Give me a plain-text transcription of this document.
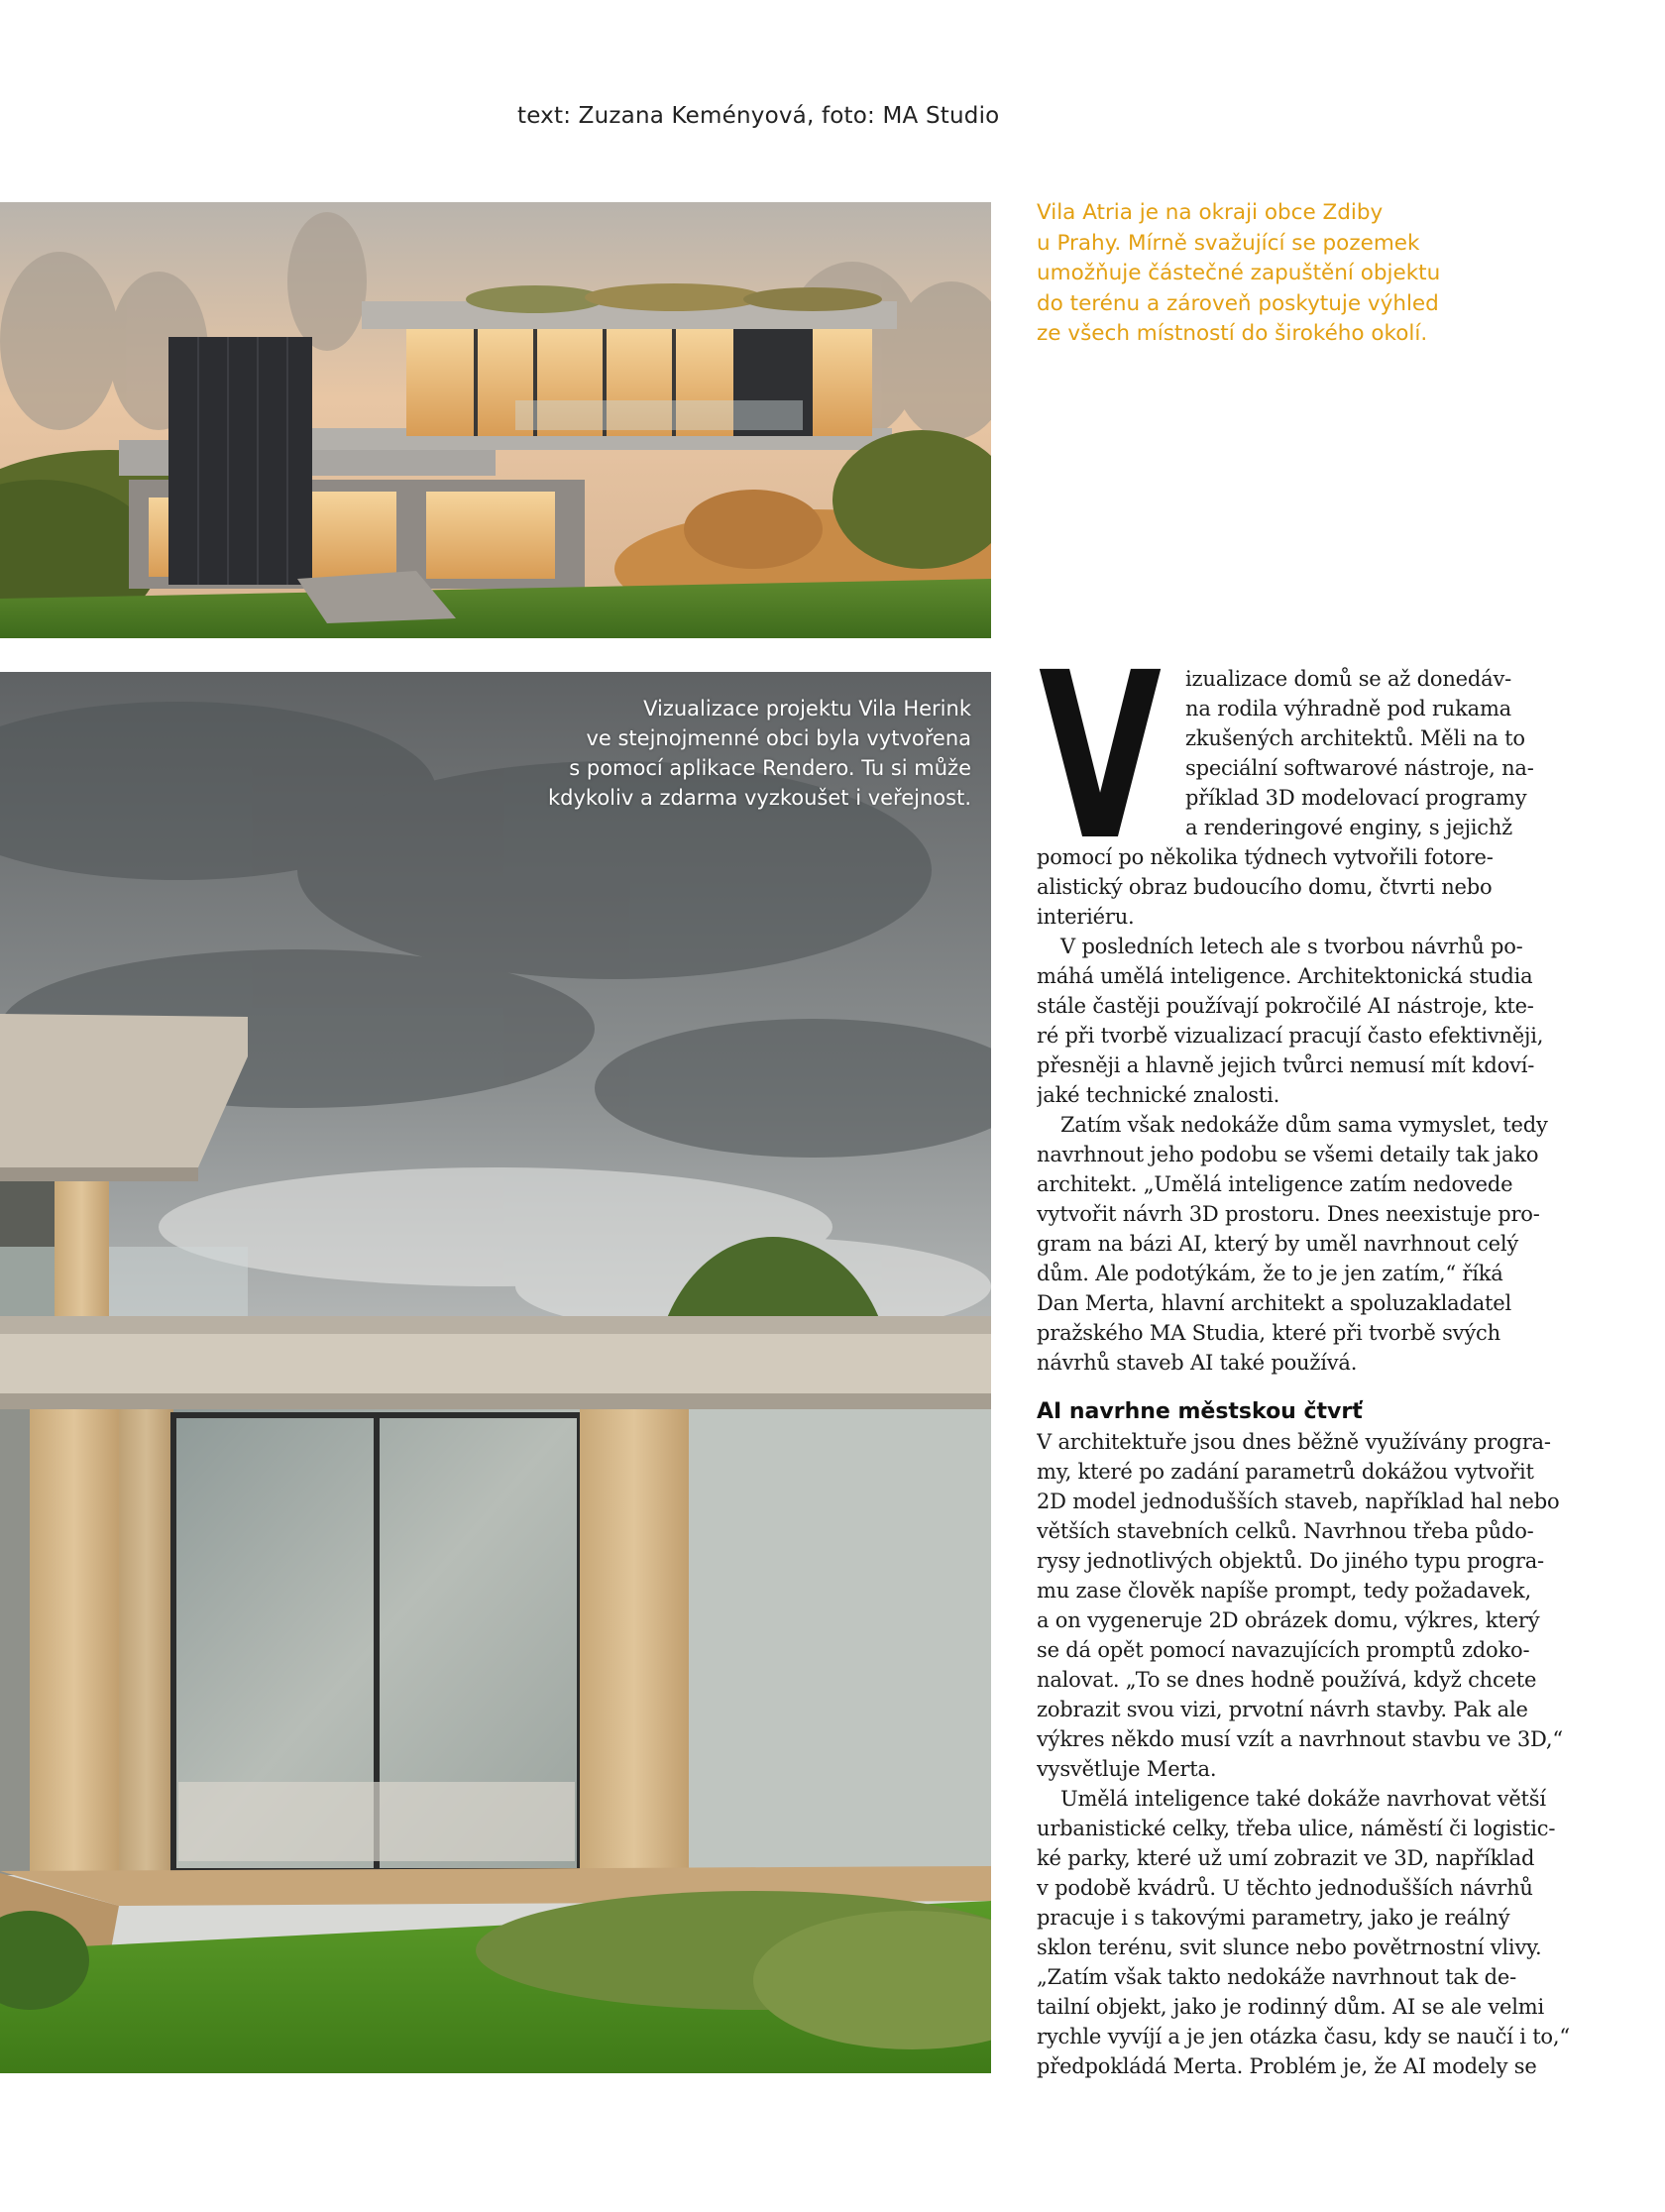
text: Zuzana Keményová, foto: MA Studio
Vila Atria je na okraji obce Zdiby
u Prahy. Mírně svažující se pozemek
umožňuje částečné zapuštění objektu
do terénu a zároveň poskytuje výhled
ze všech místností do širokého okolí.
Vizualizace projektu Vila Herink
ve stejnojmenné obci byla vytvořena
s pomocí aplikace Rendero. Tu si může
kdykoliv a zdarma vyzkoušet i veřejnost. V	izualizace domů se až donedáv-
na rodila výhradně pod rukama
zkušených architektů. Měli na to
speciální softwarové nástroje, na-
příklad 3D modelovací programy
a renderingové enginy, s jejichž
pomocí po několika týdnech vytvořili fotore-
alistický obraz budoucího domu, čtvrti nebo
interiéru.
V posledních letech ale s tvorbou návrhů po-
máhá umělá inteligence. Architektonická studia
stále častěji používají pokročilé AI nástroje, kte-
ré při tvorbě vizualizací pracují často efektivněji,
přesněji a hlavně jejich tvůrci nemusí mít kdoví-
jaké technické znalosti.
Zatím však nedokáže dům sama vymyslet, tedy
navrhnout jeho podobu se všemi detaily tak jako
architekt. „Umělá inteligence zatím nedovede
vytvořit návrh 3D prostoru. Dnes neexistuje pro-
gram na bázi AI, který by uměl navrhnout celý
dům. Ale podotýkám, že to je jen zatím,“ říká
Dan Merta, hlavní architekt a spoluzakladatel
pražského MA Studia, které při tvorbě svých
návrhů staveb AI také používá.
AI navrhne městskou čtvrť
V architektuře jsou dnes běžně využívány progra-
my, které po zadání parametrů dokážou vytvořit
2D model jednodušších staveb, například hal nebo
větších stavebních celků. Navrhnou třeba půdo-
rysy jednotlivých objektů. Do jiného typu progra-
mu zase člověk napíše prompt, tedy požadavek,
a on vygeneruje 2D obrázek domu, výkres, který
se dá opět pomocí navazujících promptů zdoko-
nalovat. „To se dnes hodně používá, když chcete
zobrazit svou vizi, prvotní návrh stavby. Pak ale
výkres někdo musí vzít a navrhnout stavbu ve 3D,“
vysvětluje Merta.
Umělá inteligence také dokáže navrhovat větší
urbanistické celky, třeba ulice, náměstí či logistic-
ké parky, které už umí zobrazit ve 3D, například
v podobě kvádrů. U těchto jednodušších návrhů
pracuje i s takovými parametry, jako je reálný
sklon terénu, svit slunce nebo povětrnostní vlivy.
„Zatím však takto nedokáže navrhnout tak de-
tailní objekt, jako je rodinný dům. AI se ale velmi
rychle vyvíjí a je jen otázka času, kdy se naučí i to,“
předpokládá Merta. Problém je, že AI modely se
